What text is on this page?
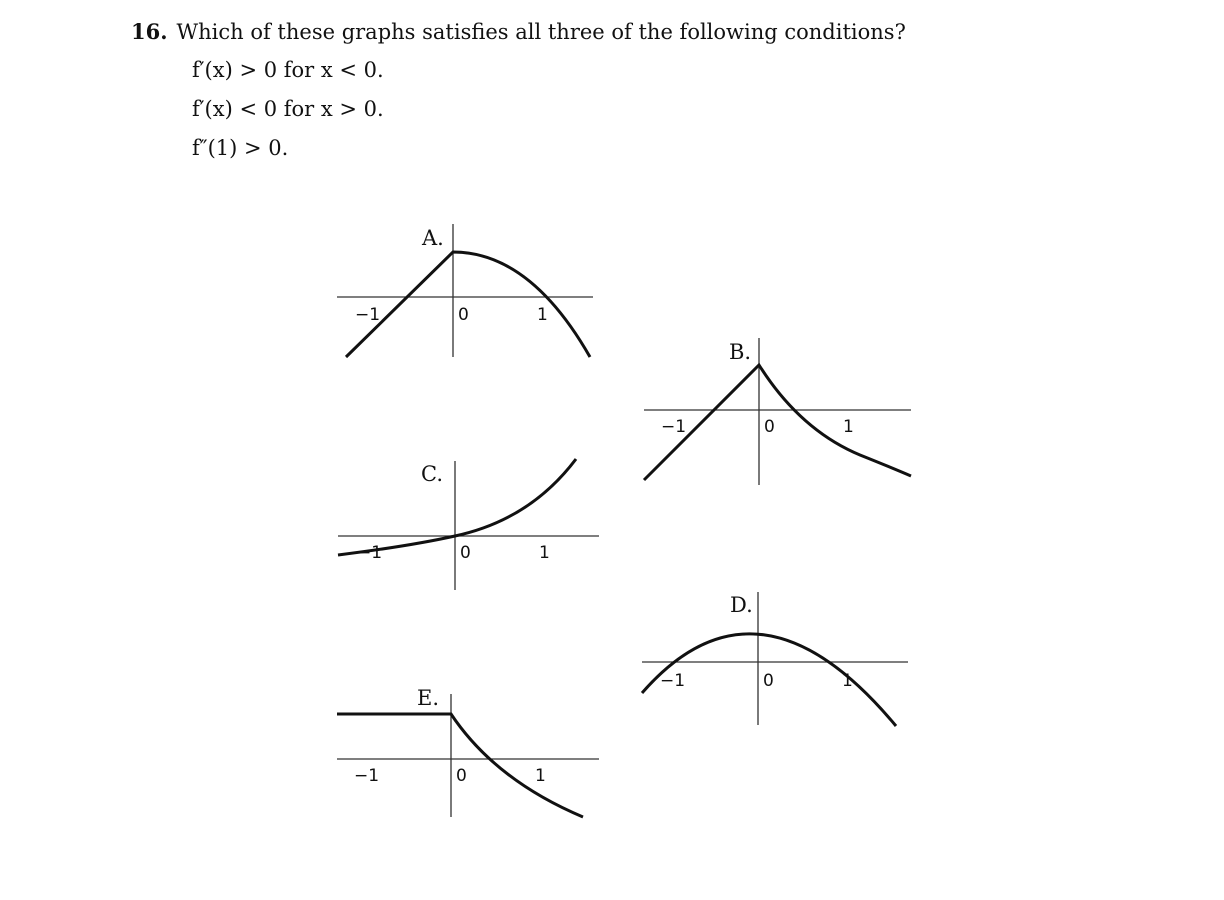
16. Which of these graphs satisfies all three of the following conditions?
f′(x) > 0 for x < 0.
f′(x) < 0 for x > 0.
f″(1) > 0.
A.
−1	0	1
B.
−1	0	1
C.
−1	0	1
D.
−1	0	1
E.
−1	0	1
